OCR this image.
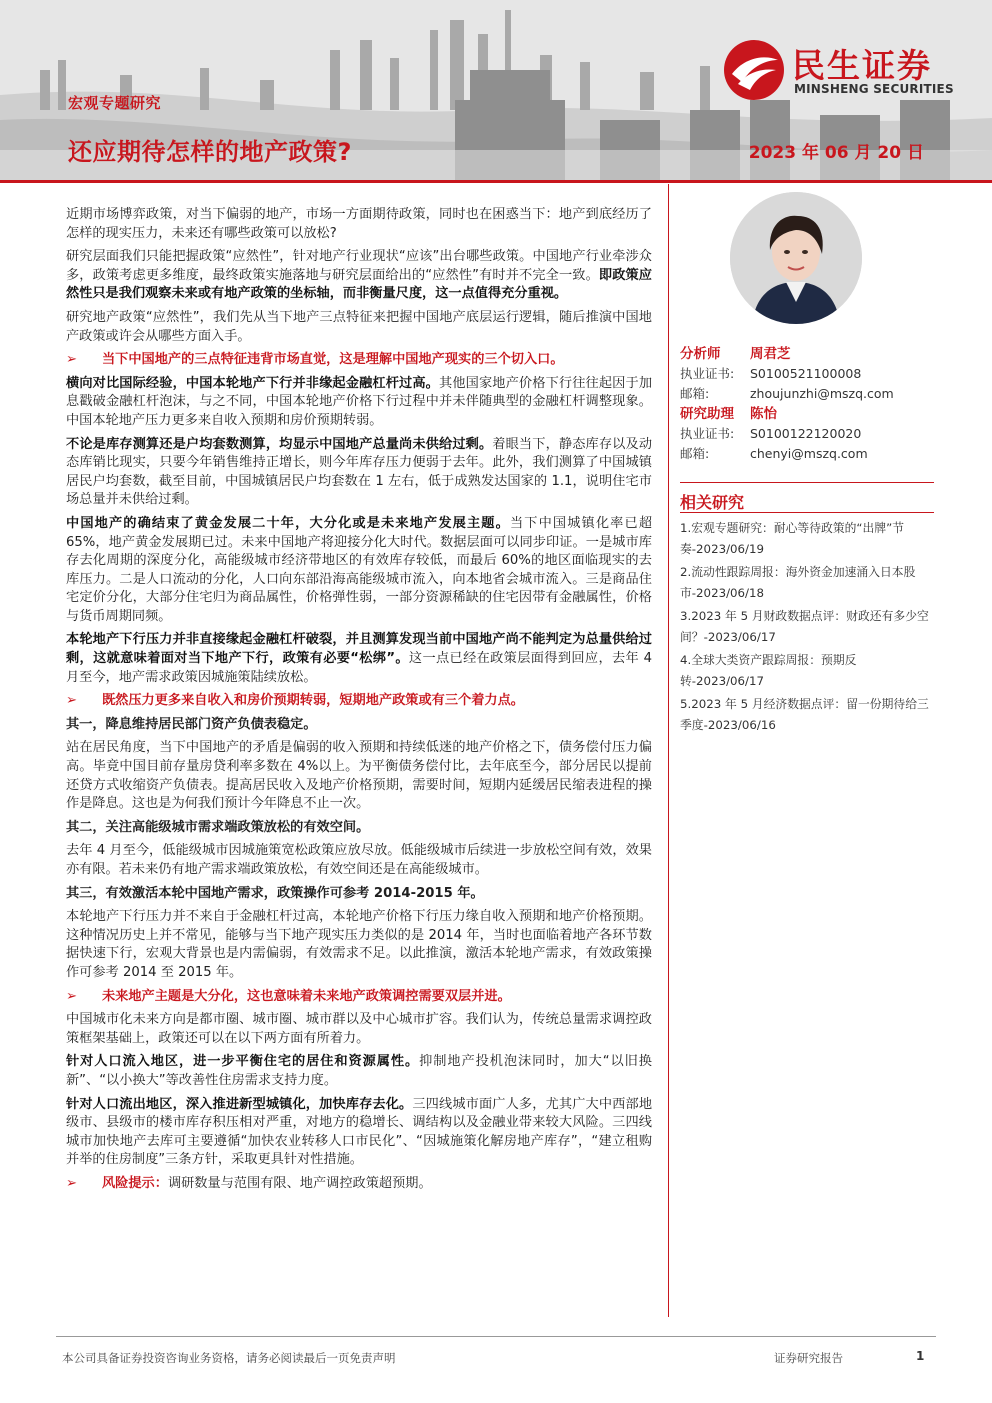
民生证券
MINSHENG SECURITIES
宏观专题研究
还应期待怎样的地产政策?	2023 年 06 月 20 日

近期市场博弈政策，对当下偏弱的地产，市场一方面期待政策，同时也在困惑当下：地产到底经历了怎样的现实压力，未来还有哪些政策可以放松?

研究层面我们只能把握政策“应然性”，针对地产行业现状“应该”出台哪些政策。中国地产行业牵涉众多，政策考虑更多维度，最终政策实施落地与研究层面给出的“应然性”有时并不完全一致。即政策应然性只是我们观察未来或有地产政策的坐标轴，而非衡量尺度，这一点值得充分重视。

研究地产政策“应然性”，我们先从当下地产三点特征来把握中国地产底层运行逻辑，随后推演中国地产政策或许会从哪些方面入手。

➢	当下中国地产的三点特征违背市场直觉，这是理解中国地产现实的三个切入口。

横向对比国际经验，中国本轮地产下行并非缘起金融杠杆过高。其他国家地产价格下行往往起因于加息戳破金融杠杆泡沫，与之不同，中国本轮地产价格下行过程中并未伴随典型的金融杠杆调整现象。中国本轮地产压力更多来自收入预期和房价预期转弱。

不论是库存测算还是户均套数测算，均显示中国地产总量尚未供给过剩。着眼当下，静态库存以及动态库销比现实，只要今年销售维持正增长，则今年库存压力便弱于去年。此外，我们测算了中国城镇居民户均套数，截至目前，中国城镇居民户均套数在 1 左右，低于成熟发达国家的 1.1，说明住宅市场总量并未供给过剩。

中国地产的确结束了黄金发展二十年，大分化或是未来地产发展主题。当下中国城镇化率已超 65%，地产黄金发展期已过。未来中国地产将迎接分化大时代。数据层面可以同步印证。一是城市库存去化周期的深度分化，高能级城市经济带地区的有效库存较低，而最后 60%的地区面临现实的去库压力。二是人口流动的分化，人口向东部沿海高能级城市流入，向本地省会城市流入。三是商品住宅定价分化，大部分住宅归为商品属性，价格弹性弱，一部分资源稀缺的住宅因带有金融属性，价格与货币周期同频。

本轮地产下行压力并非直接缘起金融杠杆破裂，并且测算发现当前中国地产尚不能判定为总量供给过剩，这就意味着面对当下地产下行，政策有必要“松绑”。这一点已经在政策层面得到回应，去年 4 月至今，地产需求政策因城施策陆续放松。

➢	既然压力更多来自收入和房价预期转弱，短期地产政策或有三个着力点。

其一，降息维持居民部门资产负债表稳定。

站在居民角度，当下中国地产的矛盾是偏弱的收入预期和持续低迷的地产价格之下，债务偿付压力偏高。毕竟中国目前存量房贷利率多数在 4%以上。为平衡债务偿付比，去年底至今，部分居民以提前还贷方式收缩资产负债表。提高居民收入及地产价格预期，需要时间，短期内延缓居民缩表进程的操作是降息。这也是为何我们预计今年降息不止一次。

其二，关注高能级城市需求端政策放松的有效空间。

去年 4 月至今，低能级城市因城施策宽松政策应放尽放。低能级城市后续进一步放松空间有效，效果亦有限。若未来仍有地产需求端政策放松，有效空间还是在高能级城市。

其三，有效激活本轮中国地产需求，政策操作可参考 2014-2015 年。

本轮地产下行压力并不来自于金融杠杆过高，本轮地产价格下行压力缘自收入预期和地产价格预期。这种情况历史上并不常见，能够与当下地产现实压力类似的是 2014 年，当时也面临着地产各环节数据快速下行，宏观大背景也是内需偏弱，有效需求不足。以此推演，激活本轮地产需求，有效政策操作可参考 2014 至 2015 年。

➢	未来地产主题是大分化，这也意味着未来地产政策调控需要双层并进。

中国城市化未来方向是都市圈、城市圈、城市群以及中心城市扩容。我们认为，传统总量需求调控政策框架基础上，政策还可以在以下两方面有所着力。

针对人口流入地区，进一步平衡住宅的居住和资源属性。抑制地产投机泡沫同时，加大“以旧换新”、“以小换大”等改善性住房需求支持力度。

针对人口流出地区，深入推进新型城镇化，加快库存去化。三四线城市面广人多，尤其广大中西部地级市、县级市的楼市库存积压相对严重，对地方的稳增长、调结构以及金融业带来较大风险。三四线城市加快地产去库可主要遵循“加快农业转移人口市民化”、“因城施策化解房地产库存”，“建立租购并举的住房制度”三条方针，采取更具针对性措施。

➢	风险提示：调研数量与范围有限、地产调控政策超预期。
分析师	周君芝
执业证书:	S0100521100008
邮箱:	zhoujunzhi@mszq.com
研究助理	陈怡
执业证书:	S0100122120020
邮箱:	chenyi@mszq.com
相关研究
1.宏观专题研究：耐心等待政策的“出牌”节奏-2023/06/19
2.流动性跟踪周报：海外资金加速涌入日本股市-2023/06/18
3.2023 年 5 月财政数据点评：财政还有多少空间？-2023/06/17
4.全球大类资产跟踪周报：预期反转-2023/06/17
5.2023 年 5 月经济数据点评：留一份期待给三季度-2023/06/16
本公司具备证券投资咨询业务资格，请务必阅读最后一页免责声明	证券研究报告	1
